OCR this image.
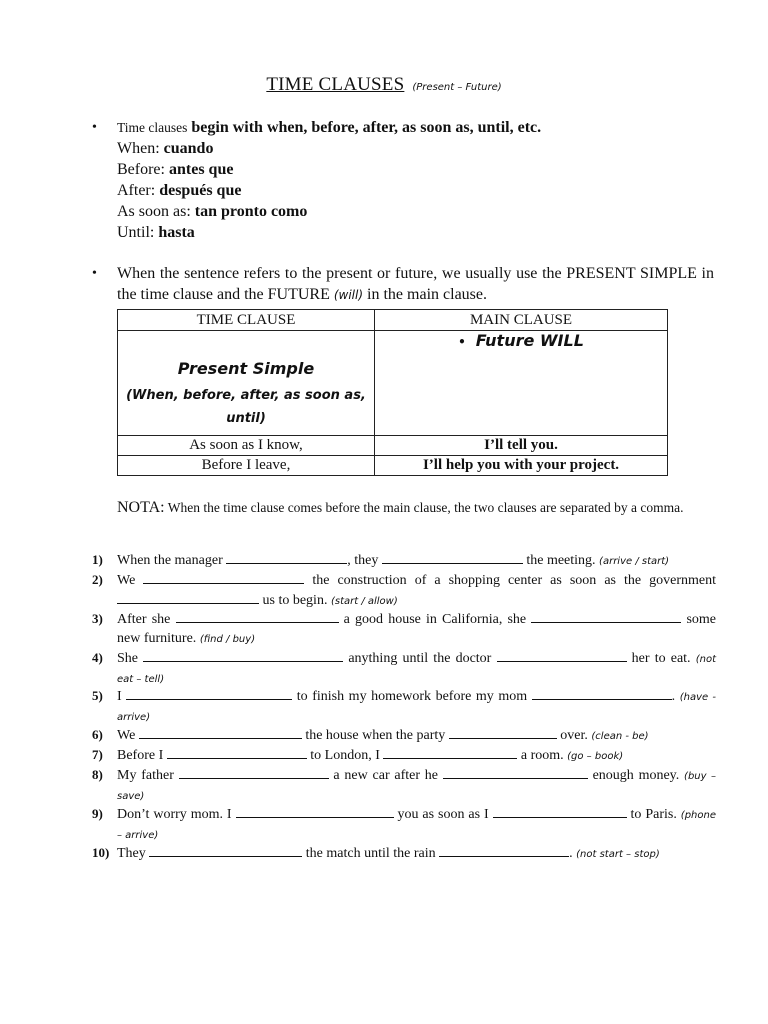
TIME CLAUSES (Present – Future)
• Time clauses begin with when, before, after, as soon as, until, etc.
When: cuando
Before: antes que
After: después que
As soon as: tan pronto como
Until: hasta
• When the sentence refers to the present or future, we usually use the PRESENT SIMPLE in the time clause and the FUTURE (will) in the main clause.
TIME CLAUSE	MAIN CLAUSE

Present Simple
(When, before, after, as soon as, until)	• Future WILL
As soon as I know,	I’ll tell you.
Before I leave,	I’ll help you with your project.
NOTA: When the time clause comes before the main clause, the two clauses are separated by a comma.
1)	When the manager	, they	the meeting. (arrive / start)
2)	We	the construction of a shopping center as soon as the government  us to begin. (start / allow)
3)	After she	a good house in California, she	some new furniture. (find / buy)
4)	She	anything until the doctor	her to eat. (not eat – tell)
5)	I	to finish my homework before my mom	. (have - arrive)
6)	We	the house when the party	over. (clean - be)
7)	Before I	to London, I	a room. (go – book)
8)	My father	a new car after he	enough money. (buy – save)
9)	Don’t worry mom. I	you as soon as I	to Paris. (phone – arrive)
10) They	the match until the rain	. (not start – stop)
